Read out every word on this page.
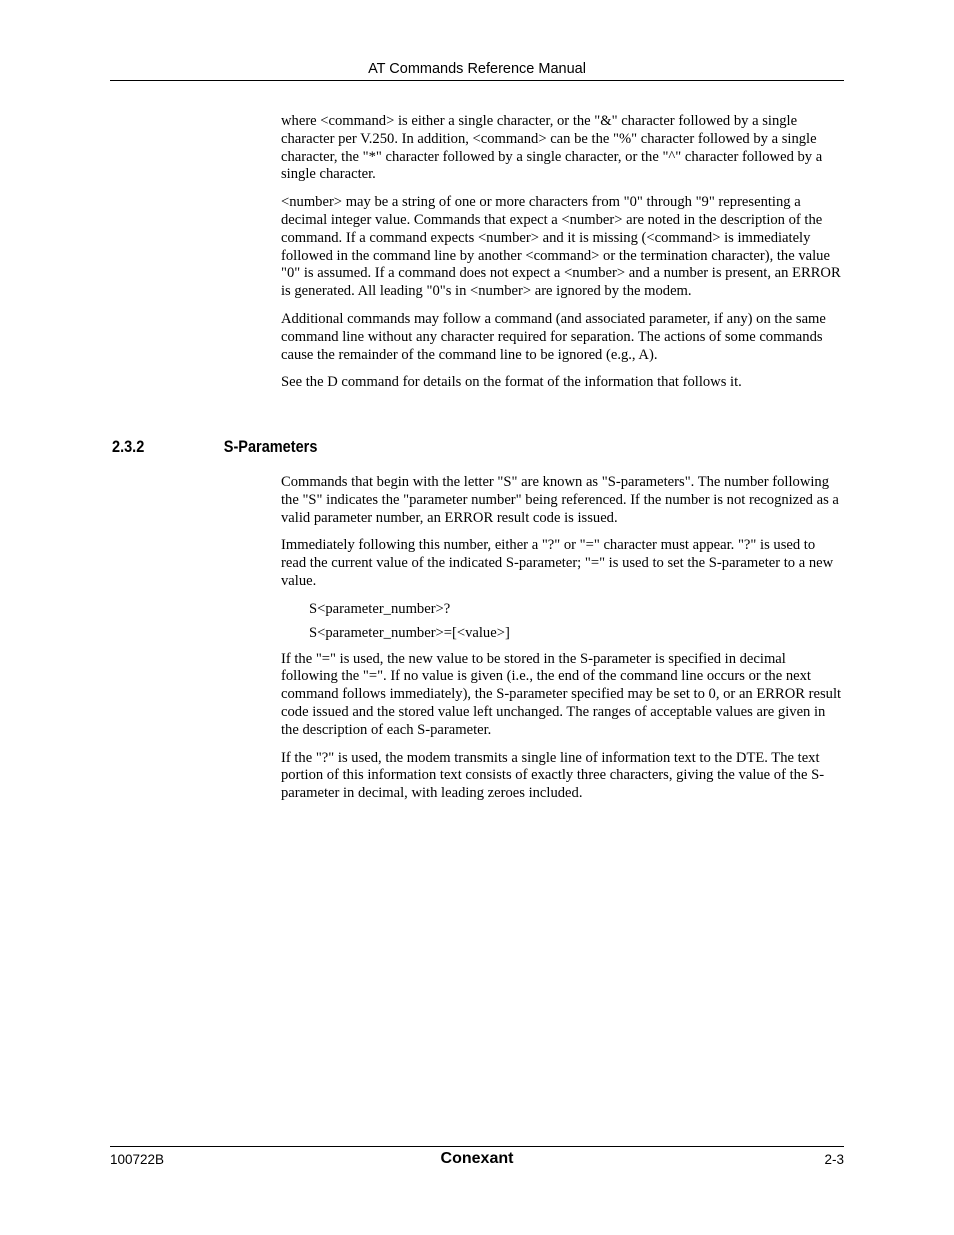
AT Commands Reference Manual

where <command> is either a single character, or the "&" character followed by a single character per V.250. In addition, <command> can be the "%" character followed by a single character, the "*" character followed by a single character, or the "^" character followed by a single character.

<number> may be a string of one or more characters from "0" through "9" representing a decimal integer value. Commands that expect a <number> are noted in the description of the command. If a command expects <number> and it is missing (<command> is immediately followed in the command line by another <command> or the termination character), the value "0" is assumed. If a command does not expect a <number> and a number is present, an ERROR is generated. All leading "0"s in <number> are ignored by the modem.

Additional commands may follow a command (and associated parameter, if any) on the same command line without any character required for separation. The actions of some commands cause the remainder of the command line to be ignored (e.g., A).

See the D command for details on the format of the information that follows it.

2.3.2	S-Parameters

Commands that begin with the letter "S" are known as "S-parameters". The number following the "S" indicates the "parameter number" being referenced. If the number is not recognized as a valid parameter number, an ERROR result code is issued.

Immediately following this number, either a "?" or "=" character must appear. "?" is used to read the current value of the indicated S-parameter; "=" is used to set the S-parameter to a new value.

S<parameter_number>?
S<parameter_number>=[<value>]

If the "=" is used, the new value to be stored in the S-parameter is specified in decimal following the "=". If no value is given (i.e., the end of the command line occurs or the next command follows immediately), the S-parameter specified may be set to 0, or an ERROR result code issued and the stored value left unchanged. The ranges of acceptable values are given in the description of each S-parameter.

If the "?" is used, the modem transmits a single line of information text to the DTE. The text portion of this information text consists of exactly three characters, giving the value of the S-parameter in decimal, with leading zeroes included.

100722B	Conexant	2-3
